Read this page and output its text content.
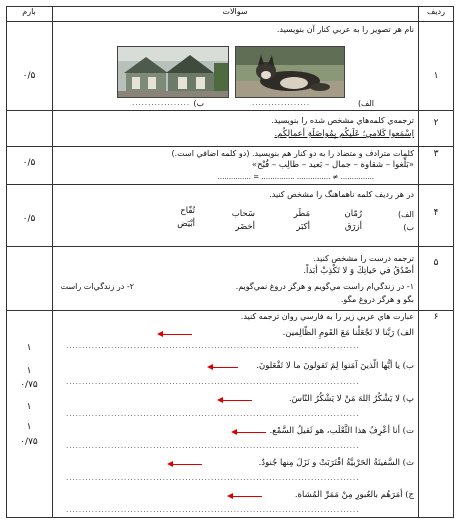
ردیف
سوالات
بارم
۱
۰/۵
نام هر تصویر را به عربي كنار آن بنويسيد.
الف)
..................
ب)
..................
۲
ترجمه‌ي كلمه‌هاي مشخص شده را بنويسيد.
اِسْمَعوا كَلامي؛ عَلَيكُم بِمُواصَلَةِ أعمالِكُم.
۳
۰/۵
كلمات مترادف و متضاد را به دو كنار هم بنويسيد. (دو كلمه اضافي است.)
«بَلِّغوا – شقاوة – جمال – بَعيد – طالِب – قُبْح»
............... = ............... ............... ≠ ...............
۴
۰/۵
در هر رديف كلمه ناهماهنگ را مشخص كنيد.
الف)
رُمّان
مَطَر
سَحاب
تُفّاح
ب)
أزرَق
أكبَر
أخضَر
أبْيَض
۵
ترجمه درست را مشخص كنيد.
أصْدُقُ في حَياتِكَ وَ لا تَكْذِبْ أبَداً.
۱- در زندگي‌ام راست مي‌گويم و هرگز دروغ نمي‌گويم.
بگو و هرگز دروغ مگو.
۲- در زندگي‌ات راست
۶
عبارت هاي عربي زير را به فارسي روان ترجمه كنيد.
۱
۱
۰/۷۵
۱
۱
۰/۷۵
الف) رَبَّنا لا تَجْعَلْنا مَعَ القَومِ الظّالِمين.
...........................................................................................
ب) يا أيُّها الّذينَ آمَنوا لِمَ تَقولونَ ما لا تَفْعَلونَ.
...........................................................................................
پ) لا يَشْكُرُ اللهَ مَنْ لا يَشْكُرُ النّاسَ.
...........................................................................................
ت) أنا أعْرِفُ هذا الثَّعْلَب، هو ثَقيلُ السَّمْع.
...........................................................................................
ث) السَّفينَةُ الحَرْبيَّةُ اقْتَرَبَتْ و نَزَلَ مِنها جُنودٌ.
...........................................................................................
ج) أمَرَهُم بالعُبورِ مِنْ مَمَرِّ المُشاة.
...........................................................................................
